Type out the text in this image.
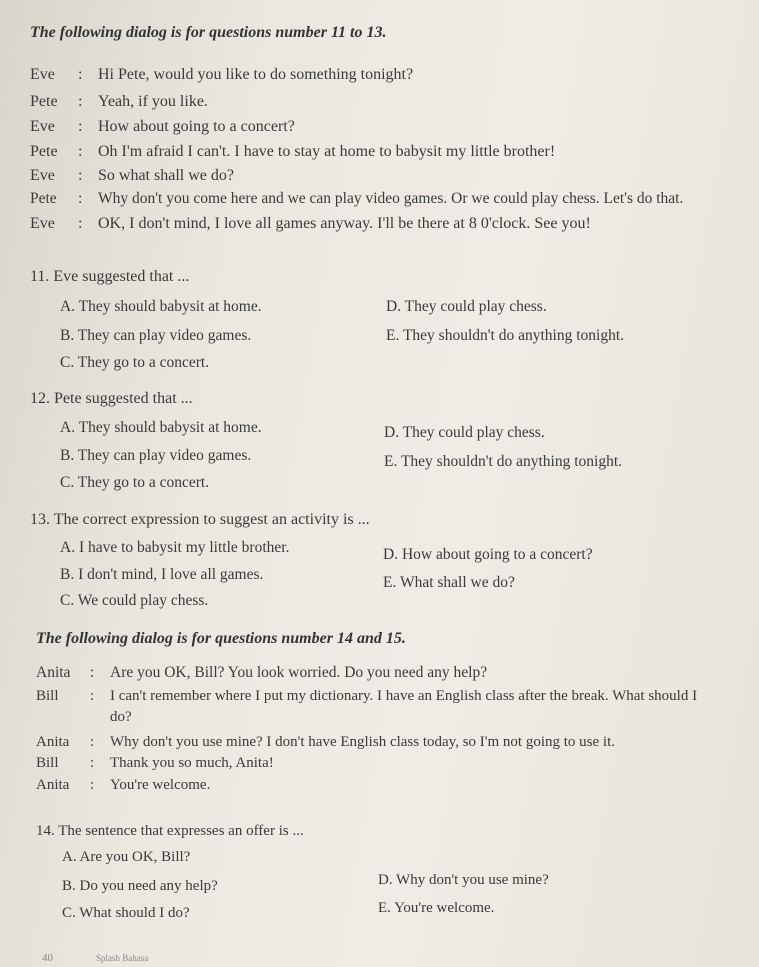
The following dialog is for questions number 11 to 13.
Eve : Hi Pete, would you like to do something tonight?
Pete : Yeah, if you like.
Eve : How about going to a concert?
Pete : Oh I'm afraid I can't. I have to stay at home to babysit my little brother!
Eve : So what shall we do?
Pete : Why don't you come here and we can play video games. Or we could play chess. Let's do that.
Eve : OK, I don't mind, I love all games anyway. I'll be there at 8 0'clock. See you!
11. Eve suggested that ...
A. They should babysit at home.
B. They can play video games.
C. They go to a concert.
D. They could play chess.
E. They shouldn't do anything tonight.
12. Pete suggested that ...
A. They should babysit at home.
B. They can play video games.
C. They go to a concert.
D. They could play chess.
E. They shouldn't do anything tonight.
13. The correct expression to suggest an activity is ...
A. I have to babysit my little brother.
B. I don't mind, I love all games.
C. We could play chess.
D. How about going to a concert?
E. What shall we do?
The following dialog is for questions number 14 and 15.
Anita : Are you OK, Bill? You look worried. Do you need any help?
Bill : I can't remember where I put my dictionary. I have an English class after the break. What should I
do?
Anita : Why don't you use mine? I don't have English class today, so I'm not going to use it.
Bill : Thank you so much, Anita!
Anita : You're welcome.
14. The sentence that expresses an offer is ...
A. Are you OK, Bill?
B. Do you need any help?
C. What should I do?
D. Why don't you use mine?
E. You're welcome.
40	Splash Bahasa
